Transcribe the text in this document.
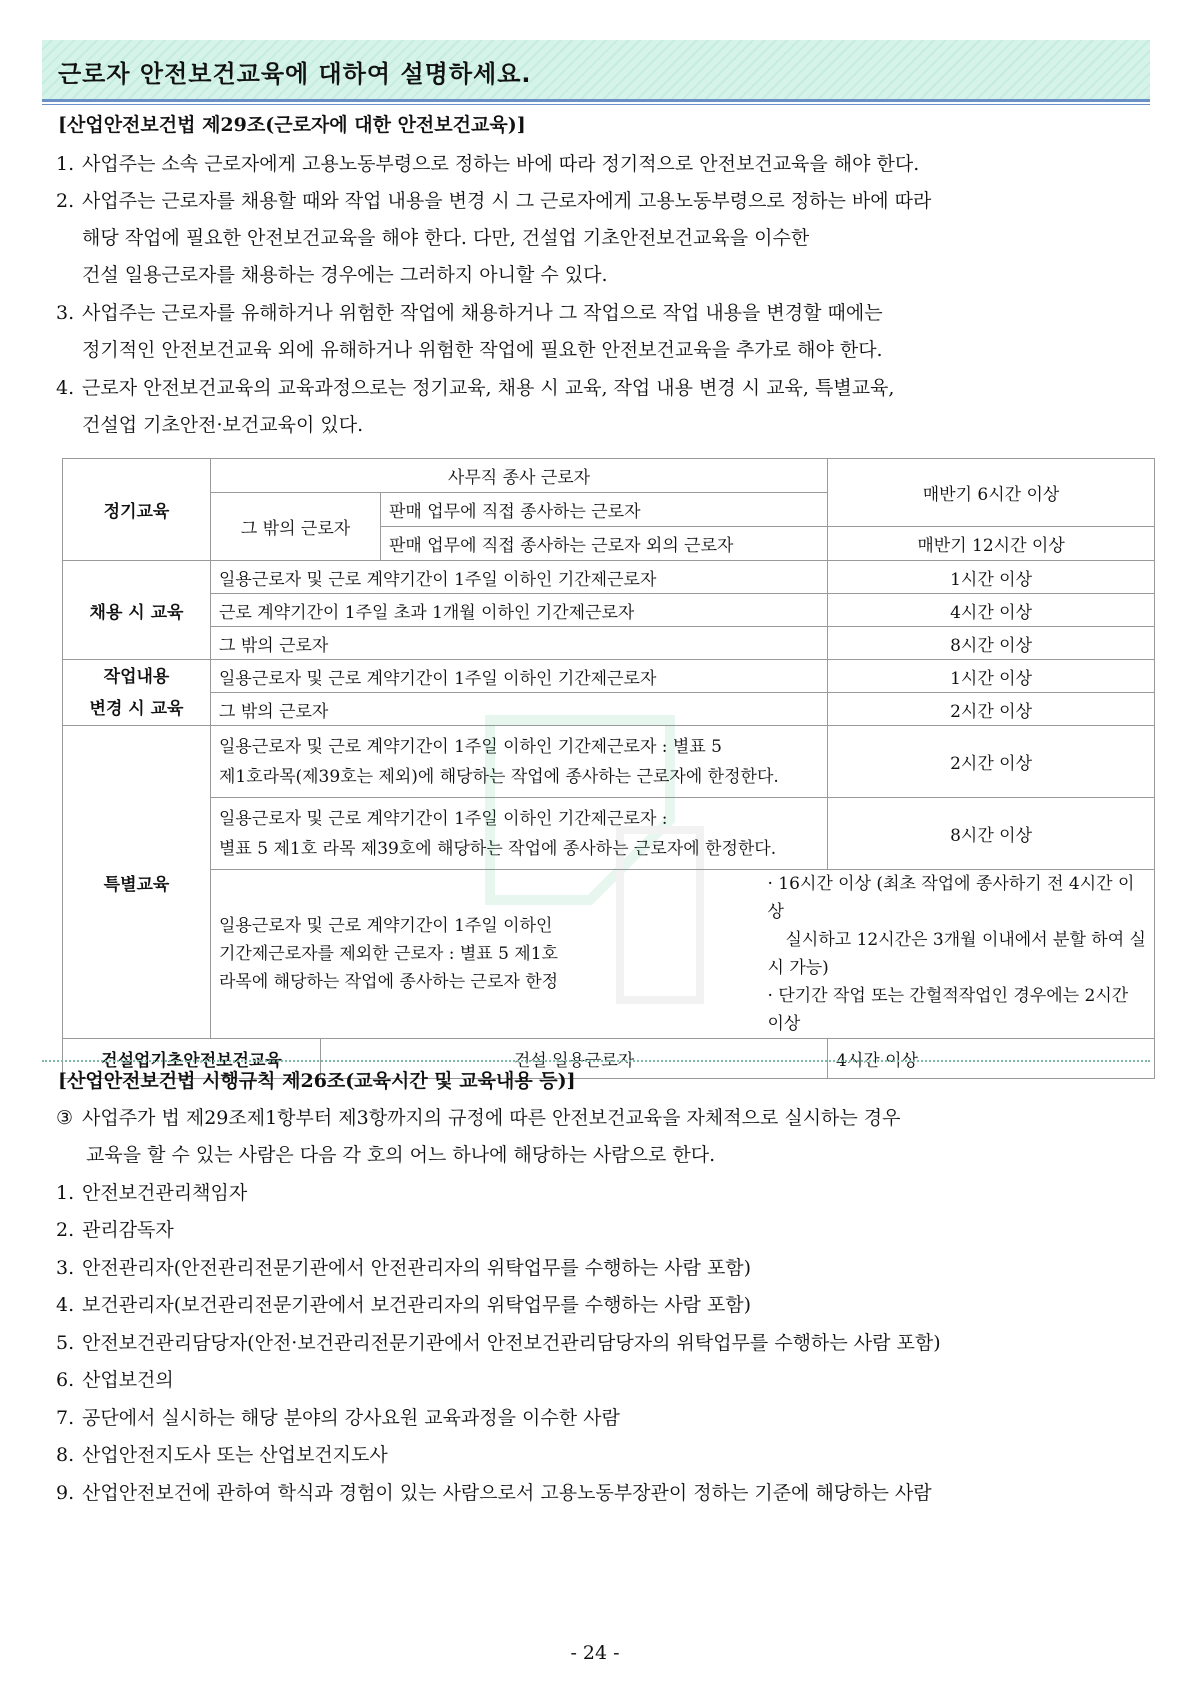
근로자 안전보건교육에 대하여 설명하세요.
[산업안전보건법 제29조(근로자에 대한 안전보건교육)]
1. 사업주는 소속 근로자에게 고용노동부령으로 정하는 바에 따라 정기적으로 안전보건교육을 해야 한다.
2. 사업주는 근로자를 채용할 때와 작업 내용을 변경 시 그 근로자에게 고용노동부령으로 정하는 바에 따라
해당 작업에 필요한 안전보건교육을 해야 한다. 다만, 건설업 기초안전보건교육을 이수한
건설 일용근로자를 채용하는 경우에는 그러하지 아니할 수 있다.
3. 사업주는 근로자를 유해하거나 위험한 작업에 채용하거나 그 작업으로 작업 내용을 변경할 때에는
정기적인 안전보건교육 외에 유해하거나 위험한 작업에 필요한 안전보건교육을 추가로 해야 한다.
4. 근로자 안전보건교육의 교육과정으로는 정기교육, 채용 시 교육, 작업 내용 변경 시 교육, 특별교육,
건설업 기초안전·보건교육이 있다.
정기교육	사무직 종사 근로자				매반기 6시간 이상
	그 밖의 근로자		판매 업무에 직접 종사하는 근로자		
			판매 업무에 직접 종사하는 근로자 외의 근로자		매반기 12시간 이상
채용 시 교육	일용근로자 및 근로 계약기간이 1주일 이하인 기간제근로자				1시간 이상
	근로 계약기간이 1주일 초과 1개월 이하인 기간제근로자				4시간 이상
	그 밖의 근로자				8시간 이상
작업내용
변경 시 교육	일용근로자 및 근로 계약기간이 1주일 이하인 기간제근로자				1시간 이상
	그 밖의 근로자				2시간 이상
특별교육	일용근로자 및 근로 계약기간이 1주일 이하인 기간제근로자 : 별표 5
제1호라목(제39호는 제외)에 해당하는 작업에 종사하는 근로자에 한정한다.				2시간 이상
	일용근로자 및 근로 계약기간이 1주일 이하인 기간제근로자 :
별표 5 제1호 라목 제39호에 해당하는 작업에 종사하는 근로자에 한정한다.				8시간 이상
	일용근로자 및 근로 계약기간이 1주일 이하인
기간제근로자를 제외한 근로자 : 별표 5 제1호
라목에 해당하는 작업에 종사하는 근로자 한정			· 16시간 이상 (최초 작업에 종사하기 전 4시간 이상
실시하고 12시간은 3개월 이내에서 분할 하여 실시 가능)
· 단기간 작업 또는 간헐적작업인 경우에는 2시간 이상	
건설업기초안전보건교육		건설 일용근로자			4시간 이상
[산업안전보건법 시행규칙 제26조(교육시간 및 교육내용 등)]
③ 사업주가 법 제29조제1항부터 제3항까지의 규정에 따른 안전보건교육을 자체적으로 실시하는 경우
교육을 할 수 있는 사람은 다음 각 호의 어느 하나에 해당하는 사람으로 한다.
1. 안전보건관리책임자
2. 관리감독자
3. 안전관리자(안전관리전문기관에서 안전관리자의 위탁업무를 수행하는 사람 포함)
4. 보건관리자(보건관리전문기관에서 보건관리자의 위탁업무를 수행하는 사람 포함)
5. 안전보건관리담당자(안전·보건관리전문기관에서 안전보건관리담당자의 위탁업무를 수행하는 사람 포함)
6. 산업보건의
7. 공단에서 실시하는 해당 분야의 강사요원 교육과정을 이수한 사람
8. 산업안전지도사 또는 산업보건지도사
9. 산업안전보건에 관하여 학식과 경험이 있는 사람으로서 고용노동부장관이 정하는 기준에 해당하는 사람
- 24 -
